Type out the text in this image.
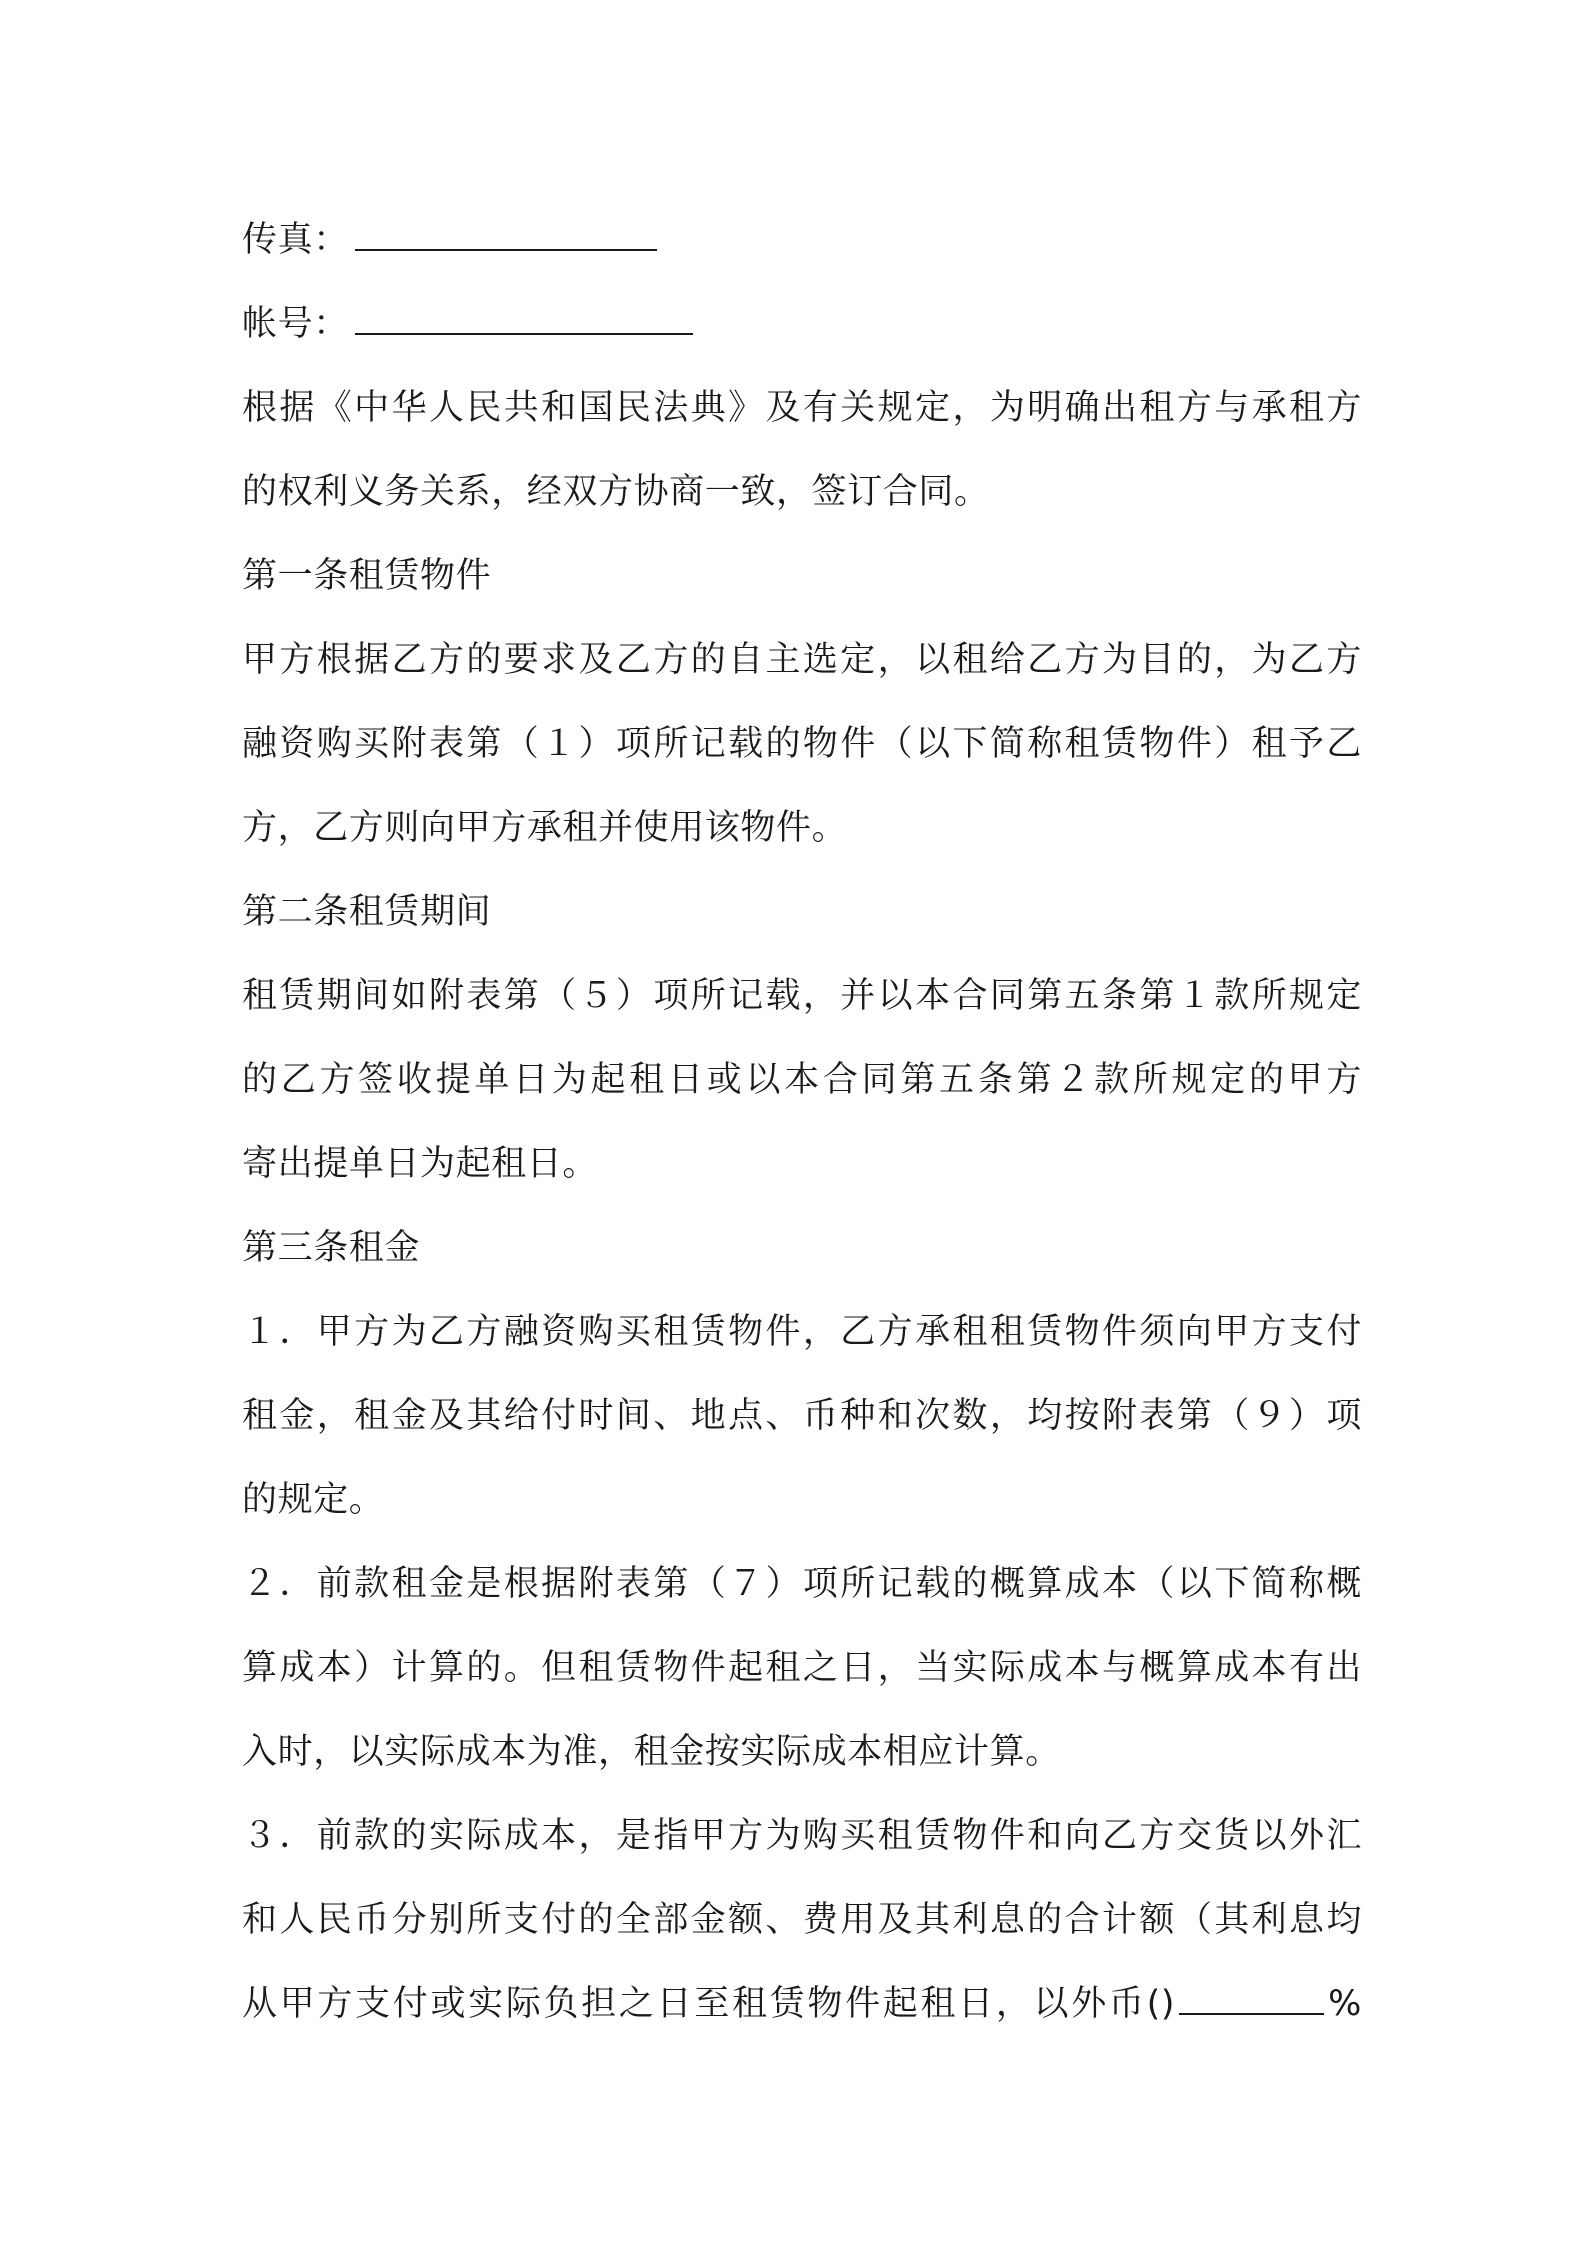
传真：
帐号：
根据《中华人民共和国民法典》及有关规定，为明确出租方与承租方
的权利义务关系，经双方协商一致，签订合同。
第一条租赁物件
甲方根据乙方的要求及乙方的自主选定，以租给乙方为目的，为乙方
融资购买附表第（１）项所记载的物件（以下简称租赁物件）租予乙
方，乙方则向甲方承租并使用该物件。
第二条租赁期间
租赁期间如附表第（５）项所记载，并以本合同第五条第１款所规定
的乙方签收提单日为起租日或以本合同第五条第２款所规定的甲方
寄出提单日为起租日。
第三条租金
１．甲方为乙方融资购买租赁物件，乙方承租租赁物件须向甲方支付
租金，租金及其给付时间、地点、币种和次数，均按附表第（９）项
的规定。
２．前款租金是根据附表第（７）项所记载的概算成本（以下简称概
算成本）计算的。但租赁物件起租之日，当实际成本与概算成本有出
入时，以实际成本为准，租金按实际成本相应计算。
３．前款的实际成本，是指甲方为购买租赁物件和向乙方交货以外汇
和人民币分别所支付的全部金额、费用及其利息的合计额（其利息均
从甲方支付或实际负担之日至租赁物件起租日，以外币()	%
